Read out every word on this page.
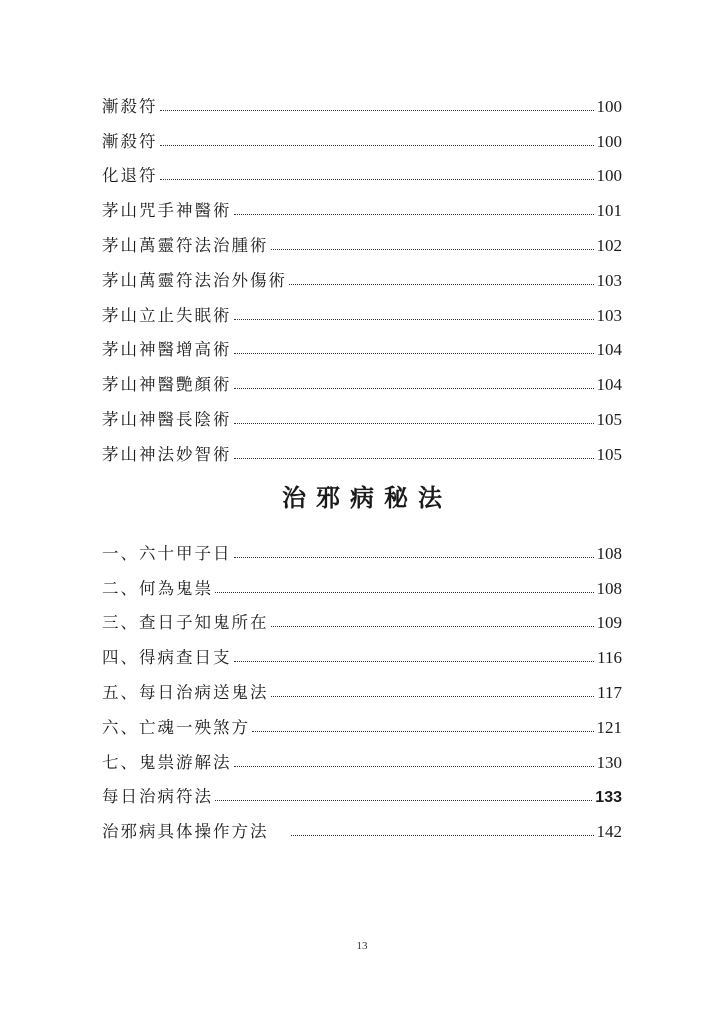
漸殺符	100
漸殺符	100
化退符	100
茅山咒手神醫術	101
茅山萬靈符法治腫術	102
茅山萬靈符法治外傷術	103
茅山立止失眠術	103
茅山神醫增高術	104
茅山神醫艷顏術	104
茅山神醫長陰術	105
茅山神法妙智術	105
治邪病秘法
一、六十甲子日	108
二、何為鬼祟	108
三、查日子知鬼所在	109
四、得病查日支	116
五、每日治病送鬼法	117
六、亡魂一殃煞方	121
七、鬼祟游解法	130
每日治病符法	133
治邪病具体操作方法	142
13
